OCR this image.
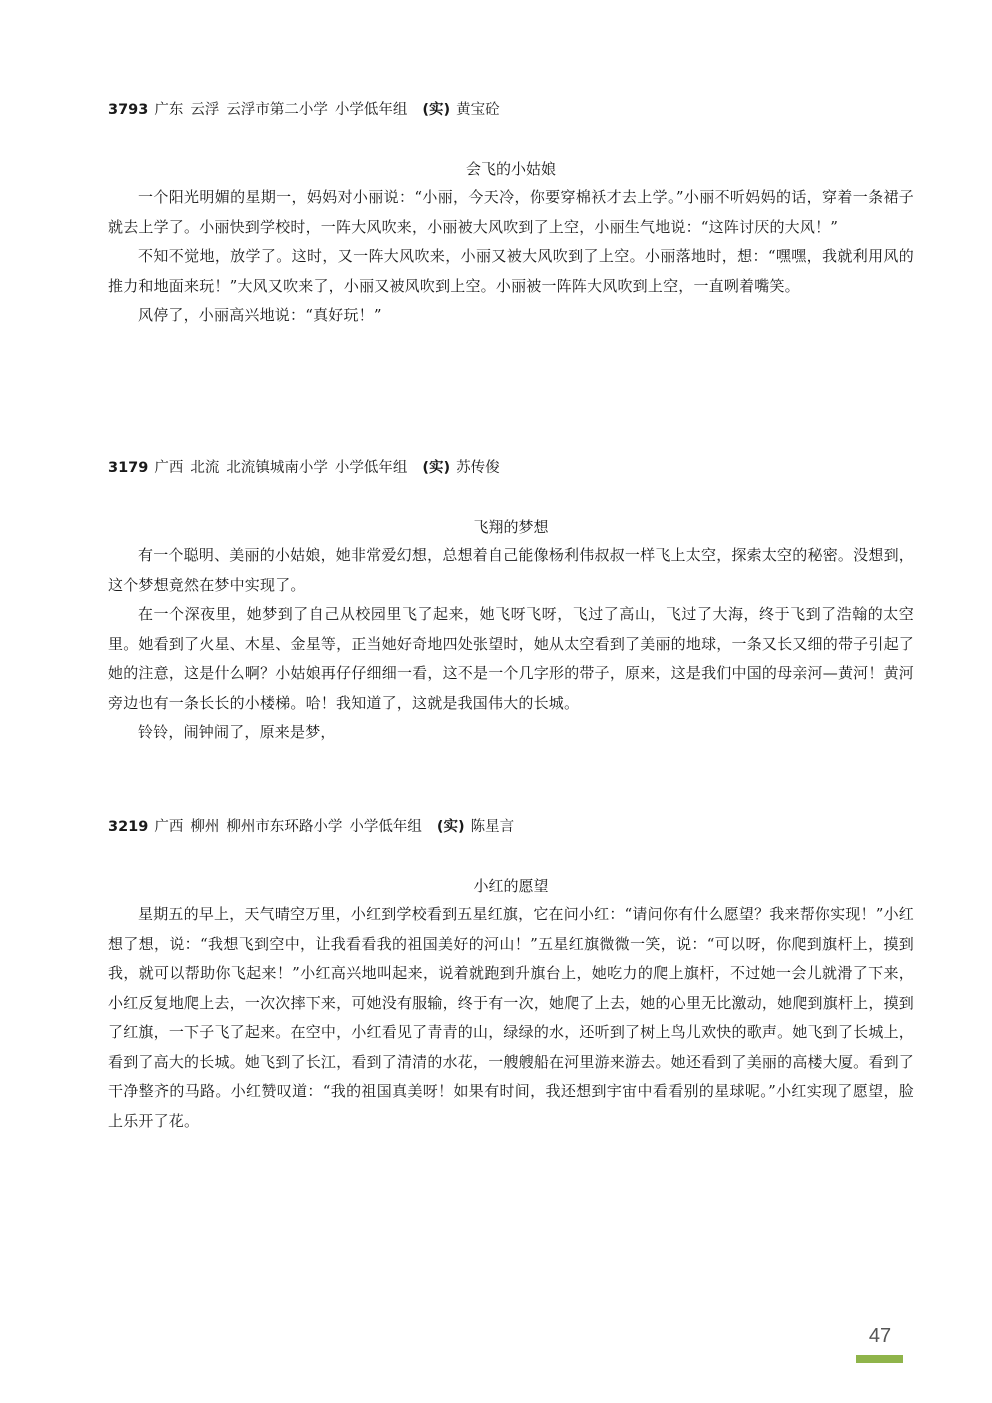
3793 广东 云浮 云浮市第二小学 小学低年组 (实) 黄宝砼
会飞的小姑娘

一个阳光明媚的星期一，妈妈对小丽说：“小丽，今天冷，你要穿棉袄才去上学。”小丽不听妈妈的话，穿着一条裙子就去上学了。小丽快到学校时，一阵大风吹来，小丽被大风吹到了上空，小丽生气地说：“这阵讨厌的大风！”

不知不觉地，放学了。这时，又一阵大风吹来，小丽又被大风吹到了上空。小丽落地时，想：“嘿嘿，我就利用风的推力和地面来玩！”大风又吹来了，小丽又被风吹到上空。小丽被一阵阵大风吹到上空，一直咧着嘴笑。

风停了，小丽高兴地说：“真好玩！”

3179 广西 北流 北流镇城南小学 小学低年组 (实) 苏传俊
飞翔的梦想

有一个聪明、美丽的小姑娘，她非常爱幻想，总想着自己能像杨利伟叔叔一样飞上太空，探索太空的秘密。没想到，这个梦想竟然在梦中实现了。

在一个深夜里，她梦到了自己从校园里飞了起来，她飞呀飞呀，飞过了高山，飞过了大海，终于飞到了浩翰的太空里。她看到了火星、木星、金星等，正当她好奇地四处张望时，她从太空看到了美丽的地球，一条又长又细的带子引起了她的注意，这是什么啊？小姑娘再仔仔细细一看，这不是一个几字形的带子，原来，这是我们中国的母亲河—黄河！黄河旁边也有一条长长的小楼梯。哈！我知道了，这就是我国伟大的长城。

铃铃，闹钟闹了，原来是梦，

3219 广西 柳州 柳州市东环路小学 小学低年组 (实) 陈星言
小红的愿望

星期五的早上，天气晴空万里，小红到学校看到五星红旗，它在问小红：“请问你有什么愿望？我来帮你实现！”小红想了想，说：“我想飞到空中，让我看看我的祖国美好的河山！”五星红旗微微一笑，说：“可以呀，你爬到旗杆上，摸到我，就可以帮助你飞起来！”小红高兴地叫起来，说着就跑到升旗台上，她吃力的爬上旗杆，不过她一会儿就滑了下来，小红反复地爬上去，一次次摔下来，可她没有服输，终于有一次，她爬了上去，她的心里无比激动，她爬到旗杆上，摸到了红旗，一下子飞了起来。在空中，小红看见了青青的山，绿绿的水，还听到了树上鸟儿欢快的歌声。她飞到了长城上，看到了高大的长城。她飞到了长江，看到了清清的水花，一艘艘船在河里游来游去。她还看到了美丽的高楼大厦。看到了干净整齐的马路。小红赞叹道：“我的祖国真美呀！如果有时间，我还想到宇宙中看看别的星球呢。”小红实现了愿望，脸上乐开了花。

47
